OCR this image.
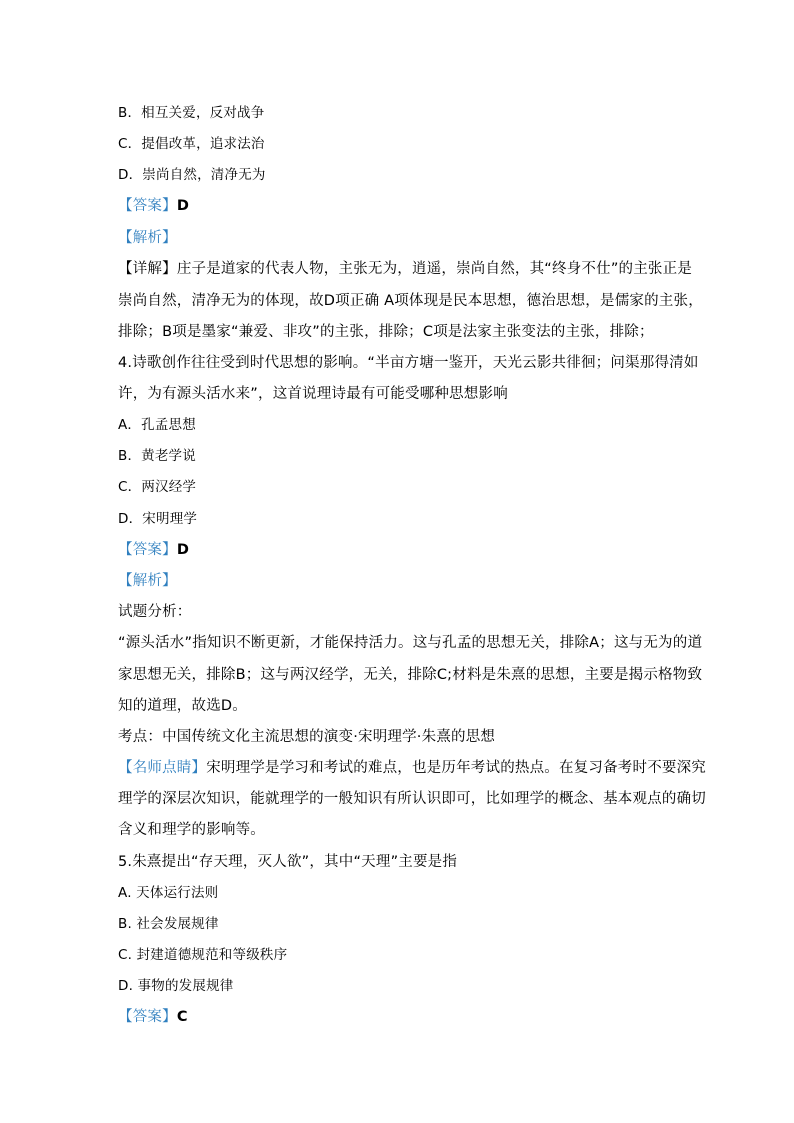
B．相互关爱，反对战争
C．提倡改革，追求法治
D．崇尚自然，清净无为
【答案】D
【解析】
【详解】庄子是道家的代表人物，主张无为，逍遥，崇尚自然，其“终身不仕”的主张正是
崇尚自然，清净无为的体现，故D项正确 A项体现是民本思想，德治思想，是儒家的主张，
排除；B项是墨家“兼爱、非攻”的主张，排除；C项是法家主张变法的主张，排除；
4.诗歌创作往往受到时代思想的影响。“半亩方塘一鉴开，天光云影共徘徊；问渠那得清如
许，为有源头活水来”，这首说理诗最有可能受哪种思想影响
A．孔孟思想
B．黄老学说
C．两汉经学
D．宋明理学
【答案】D
【解析】
试题分析：
“源头活水”指知识不断更新，才能保持活力。这与孔孟的思想无关，排除A；这与无为的道
家思想无关，排除B；这与两汉经学，无关，排除C;材料是朱熹的思想，主要是揭示格物致
知的道理，故选D。
考点：中国传统文化主流思想的演变·宋明理学·朱熹的思想
【名师点睛】宋明理学是学习和考试的难点，也是历年考试的热点。在复习备考时不要深究
理学的深层次知识，能就理学的一般知识有所认识即可，比如理学的概念、基本观点的确切
含义和理学的影响等。
5.朱熹提出“存天理，灭人欲”，其中“天理”主要是指
A. 天体运行法则
B. 社会发展规律
C. 封建道德规范和等级秩序
D. 事物的发展规律
【答案】C
